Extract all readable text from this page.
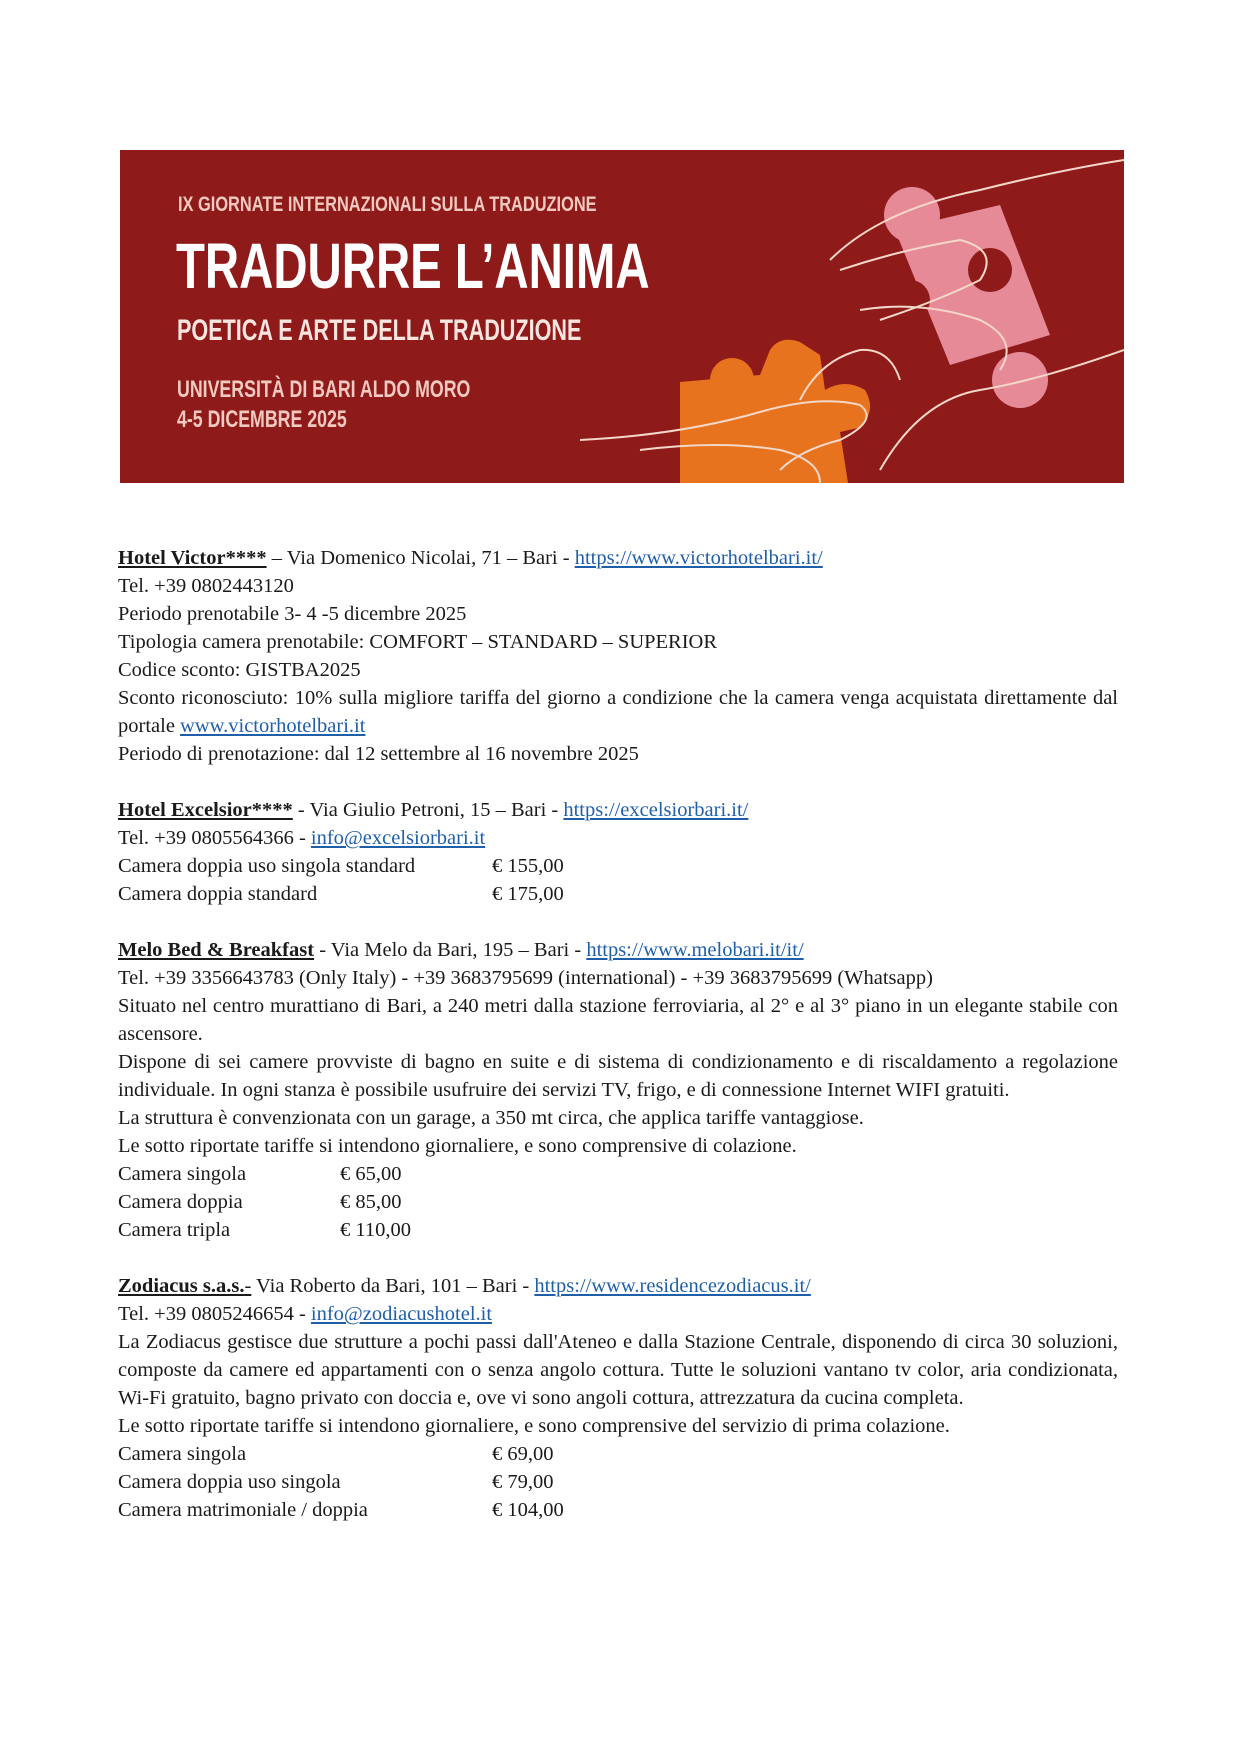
IX GIORNATE INTERNAZIONALI SULLA TRADUZIONE
TRADURRE L’ANIMA
POETICA E ARTE DELLA TRADUZIONE
UNIVERSITÀ DI BARI ALDO MORO
4-5 DICEMBRE 2025

Hotel Victor**** – Via Domenico Nicolai, 71 – Bari - https://www.victorhotelbari.it/

Tel. +39 0802443120

Periodo prenotabile 3- 4 -5 dicembre 2025

Tipologia camera prenotabile: COMFORT – STANDARD – SUPERIOR

Codice sconto: GISTBA2025

Sconto riconosciuto: 10% sulla migliore tariffa del giorno a condizione che la camera venga acquistata direttamente dal portale www.victorhotelbari.it

Periodo di prenotazione: dal 12 settembre al 16 novembre 2025

Hotel Excelsior**** - Via Giulio Petroni, 15 – Bari - https://excelsiorbari.it/

Tel. +39 0805564366 - info@excelsiorbari.it

Camera doppia uso singola standard	€ 155,00
Camera doppia standard	€ 175,00

Melo Bed & Breakfast - Via Melo da Bari, 195 – Bari - https://www.melobari.it/it/

Tel. +39 3356643783 (Only Italy) - +39 3683795699 (international) - +39 3683795699 (Whatsapp)

Situato nel centro murattiano di Bari, a 240 metri dalla stazione ferroviaria, al 2° e al 3° piano in un elegante stabile con ascensore.

Dispone di sei camere provviste di bagno en suite e di sistema di condizionamento e di riscaldamento a regolazione individuale. In ogni stanza è possibile usufruire dei servizi TV, frigo, e di connessione Internet WIFI gratuiti.

La struttura è convenzionata con un garage, a 350 mt circa, che applica tariffe vantaggiose.

Le sotto riportate tariffe si intendono giornaliere, e sono comprensive di colazione.

Camera singola	€ 65,00
Camera doppia	€ 85,00
Camera tripla	€ 110,00

Zodiacus s.a.s.- Via Roberto da Bari, 101 – Bari - https://www.residencezodiacus.it/

Tel. +39 0805246654 - info@zodiacushotel.it

La Zodiacus gestisce due strutture a pochi passi dall'Ateneo e dalla Stazione Centrale, disponendo di circa 30 soluzioni, composte da camere ed appartamenti con o senza angolo cottura. Tutte le soluzioni vantano tv color, aria condizionata, Wi-Fi gratuito, bagno privato con doccia e, ove vi sono angoli cottura, attrezzatura da cucina completa.

Le sotto riportate tariffe si intendono giornaliere, e sono comprensive del servizio di prima colazione.

Camera singola	€ 69,00
Camera doppia uso singola	€ 79,00
Camera matrimoniale / doppia	€ 104,00
